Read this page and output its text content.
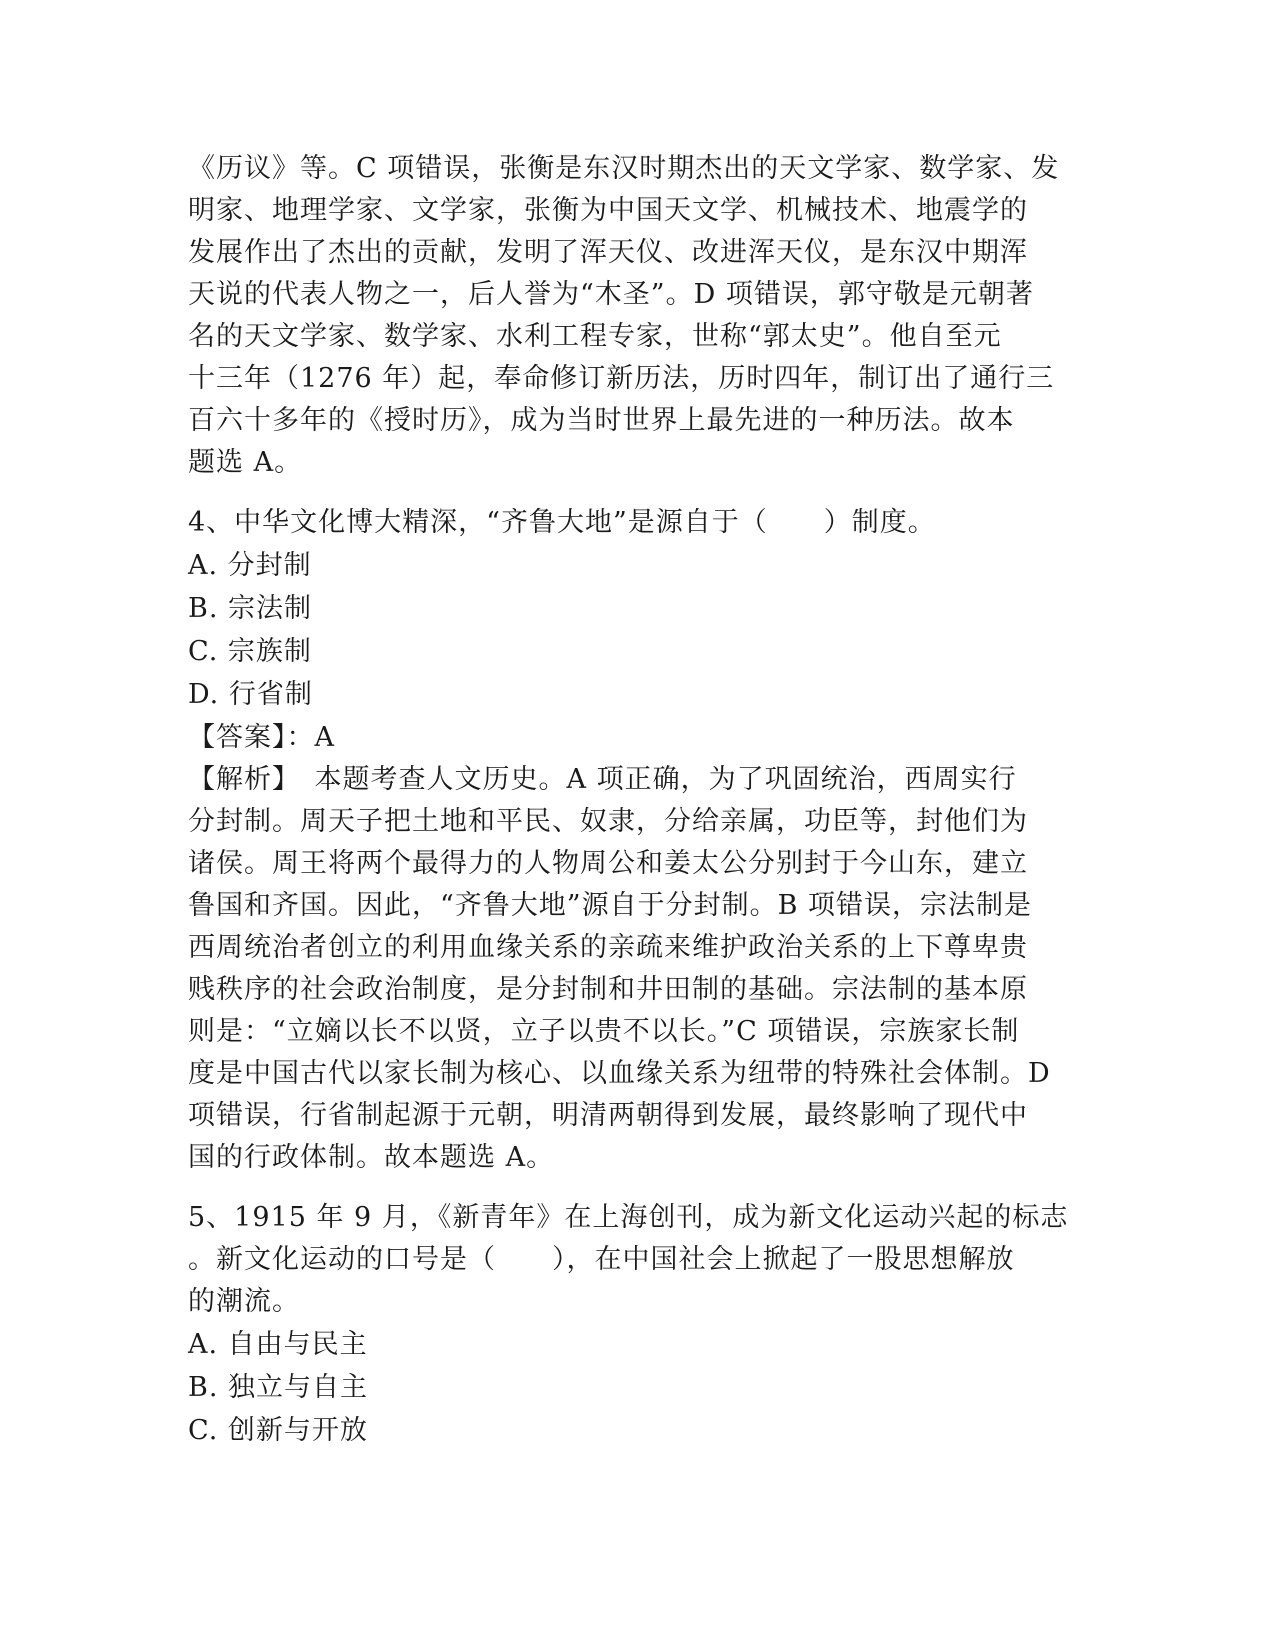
《历议》等。C 项错误，张衡是东汉时期杰出的天文学家、数学家、发
明家、地理学家、文学家，张衡为中国天文学、机械技术、地震学的
发展作出了杰出的贡献，发明了浑天仪、改进浑天仪，是东汉中期浑
天说的代表人物之一，后人誉为“木圣”。D 项错误，郭守敬是元朝著
名的天文学家、数学家、水利工程专家，世称“郭太史”。他自至元
十三年（1276 年）起，奉命修订新历法，历时四年，制订出了通行三
百六十多年的《授时历》，成为当时世界上最先进的一种历法。故本
题选 A。
4、中华文化博大精深，“齐鲁大地”是源自于（　　）制度。
A. 分封制
B. 宗法制
C. 宗族制
D. 行省制
【答案】：A
【解析】　本题考查人文历史。A 项正确，为了巩固统治，西周实行
分封制。周天子把土地和平民、奴隶，分给亲属，功臣等，封他们为
诸侯。周王将两个最得力的人物周公和姜太公分别封于今山东，建立
鲁国和齐国。因此，“齐鲁大地”源自于分封制。B 项错误，宗法制是
西周统治者创立的利用血缘关系的亲疏来维护政治关系的上下尊卑贵
贱秩序的社会政治制度，是分封制和井田制的基础。宗法制的基本原
则是：“立嫡以长不以贤，立子以贵不以长。”C 项错误，宗族家长制
度是中国古代以家长制为核心、以血缘关系为纽带的特殊社会体制。D
项错误，行省制起源于元朝，明清两朝得到发展，最终影响了现代中
国的行政体制。故本题选 A。
5、1915 年 9 月，《新青年》在上海创刊，成为新文化运动兴起的标志
。新文化运动的口号是（　　），在中国社会上掀起了一股思想解放
的潮流。
A. 自由与民主
B. 独立与自主
C. 创新与开放
